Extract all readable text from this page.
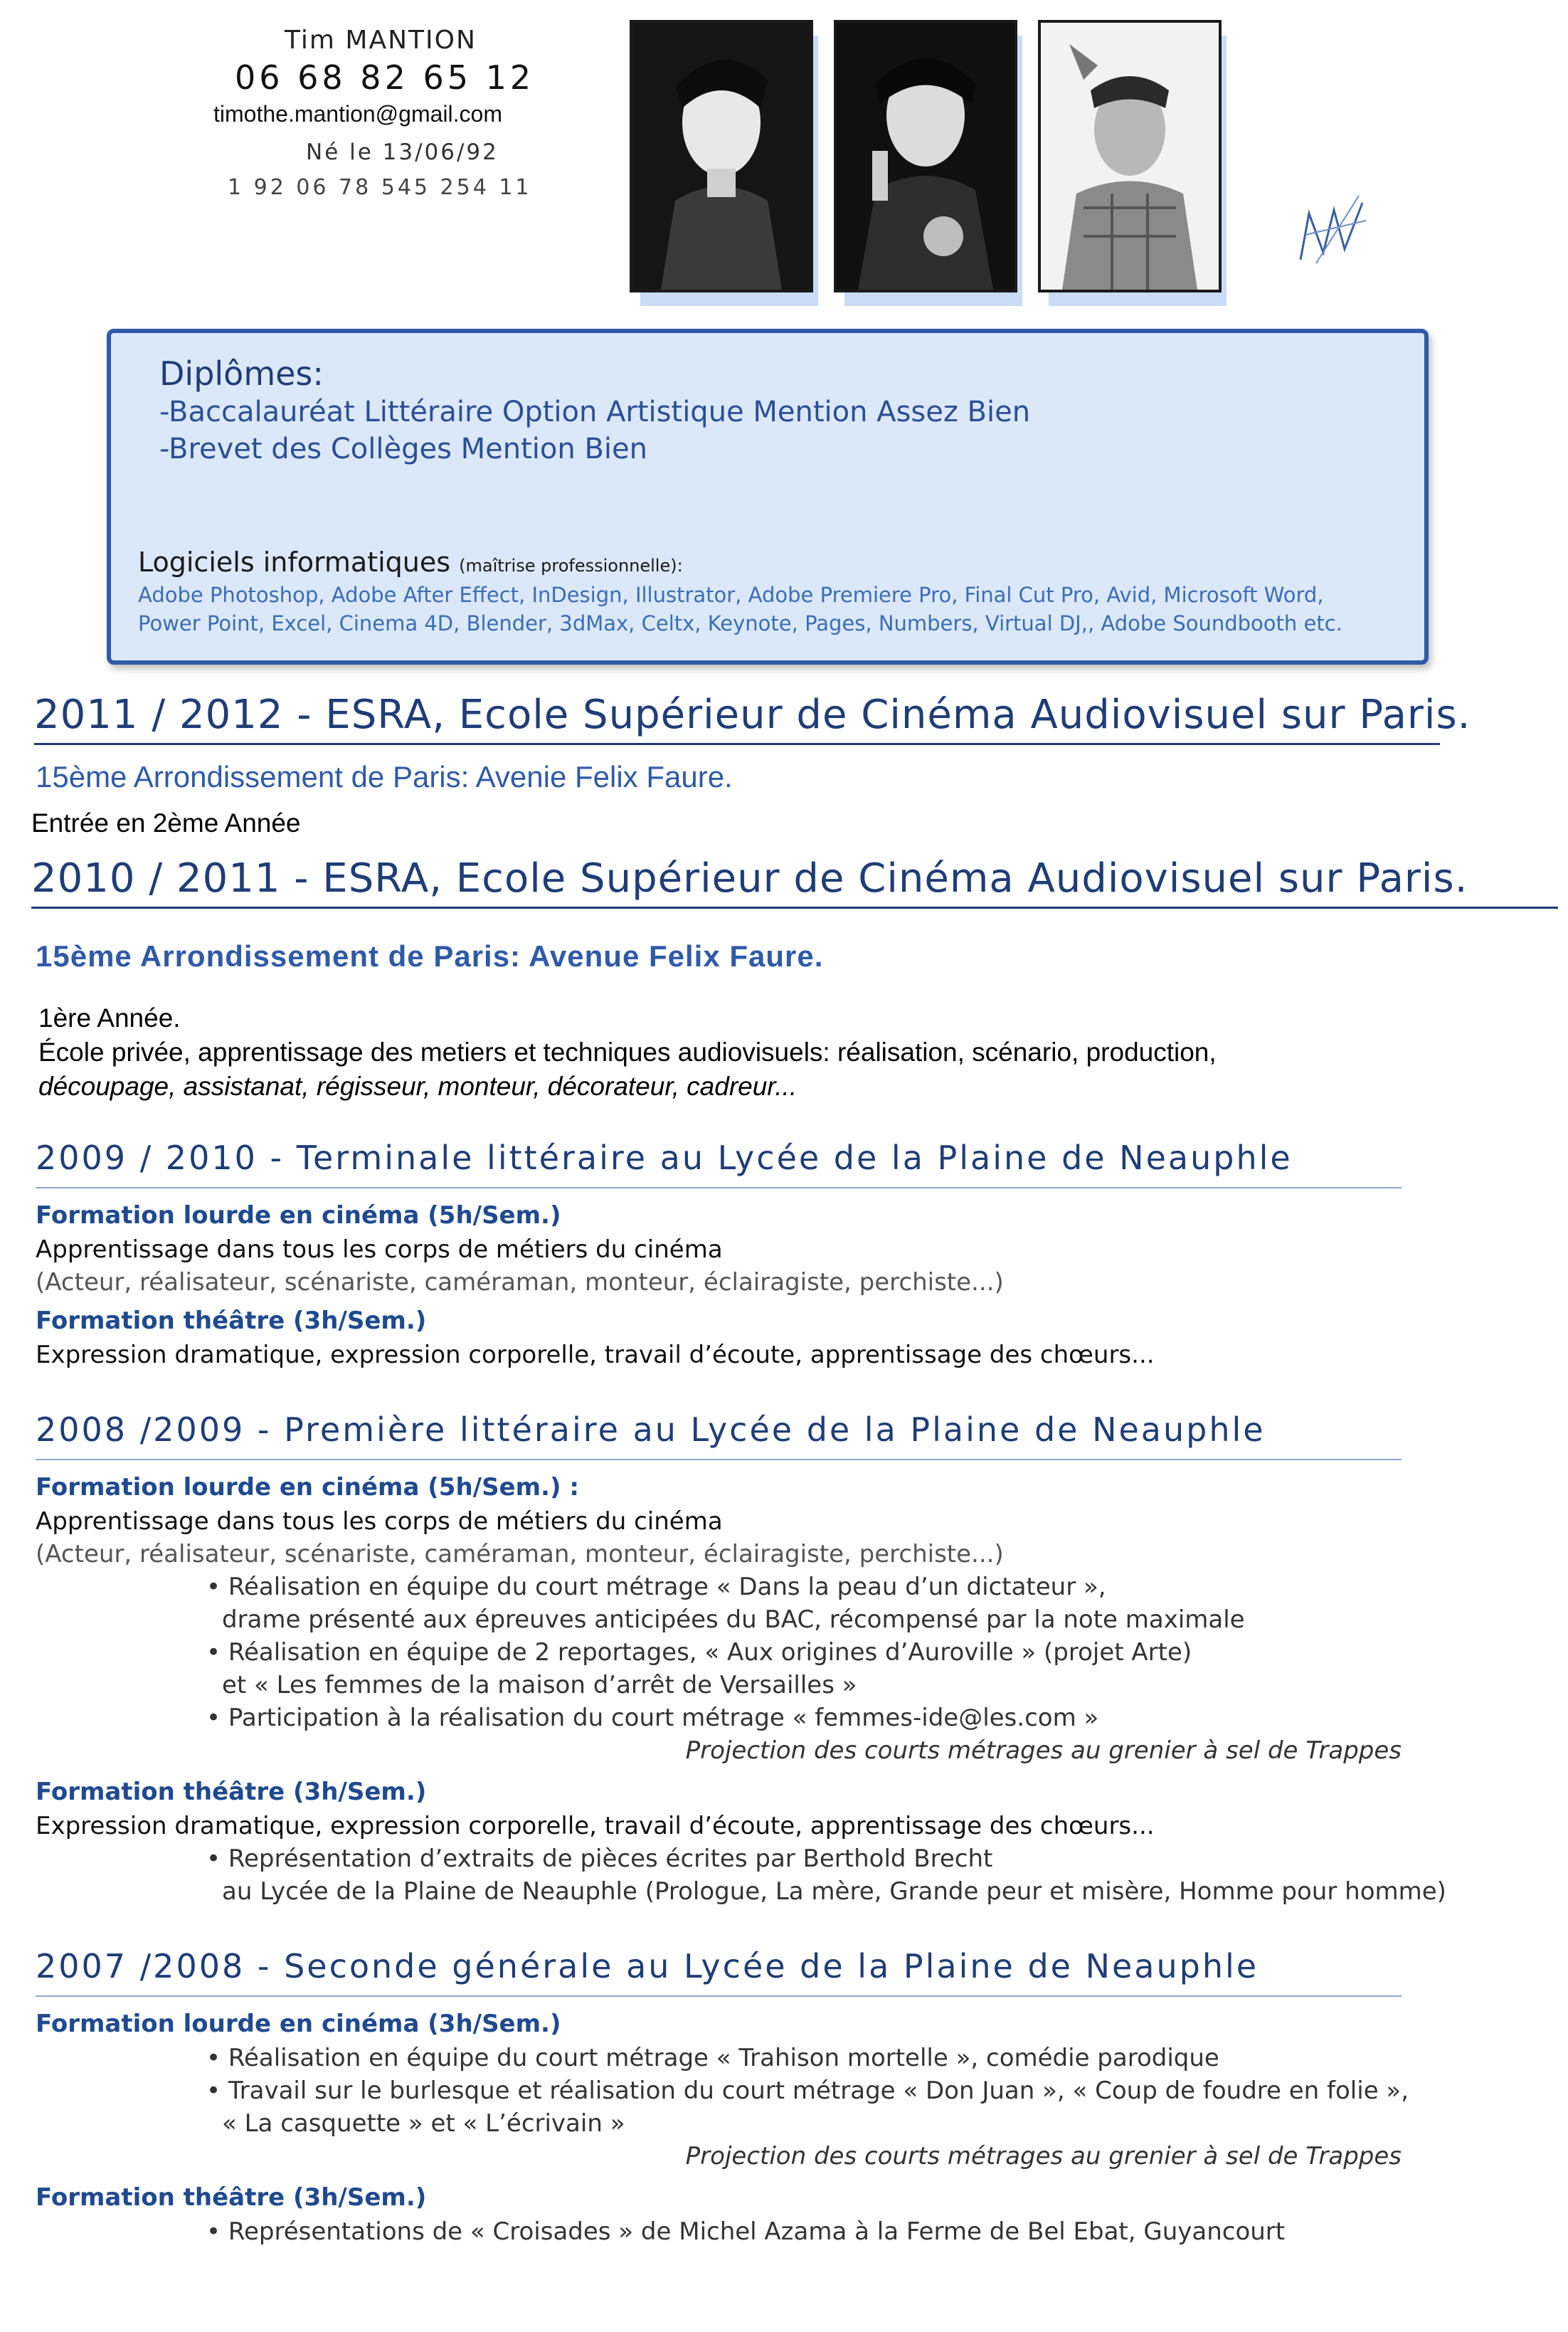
Tim MANTION
06 68 82 65 12
timothe.mantion@gmail.com
Né le 13/06/92
1 92 06 78 545 254 11
Diplômes:
-Baccalauréat Littéraire Option Artistique Mention Assez Bien
-Brevet des Collèges Mention Bien
Logiciels informatiques (maîtrise professionnelle):
Adobe Photoshop, Adobe After Effect, InDesign, Illustrator, Adobe Premiere Pro, Final Cut Pro, Avid, Microsoft Word,
Power Point, Excel, Cinema 4D, Blender, 3dMax, Celtx, Keynote, Pages, Numbers, Virtual DJ,, Adobe Soundbooth etc.
2011 / 2012 - ESRA, Ecole Supérieur de Cinéma Audiovisuel sur Paris.
15ème Arrondissement de Paris: Avenie Felix Faure.
Entrée en 2ème Année
2010 / 2011 - ESRA, Ecole Supérieur de Cinéma Audiovisuel sur Paris.
15ème Arrondissement de Paris: Avenue Felix Faure.
1ère Année.
École privée, apprentissage des metiers et techniques audiovisuels: réalisation, scénario, production,
découpage, assistanat, régisseur, monteur, décorateur, cadreur...
2009 / 2010 - Terminale littéraire au Lycée de la Plaine de Neauphle
Formation lourde en cinéma (5h/Sem.)
Apprentissage dans tous les corps de métiers du cinéma
(Acteur, réalisateur, scénariste, caméraman, monteur, éclairagiste, perchiste...)
Formation théâtre (3h/Sem.)
Expression dramatique, expression corporelle, travail d’écoute, apprentissage des chœurs...
2008 /2009 - Première littéraire au Lycée de la Plaine de Neauphle
Formation lourde en cinéma (5h/Sem.) :
Apprentissage dans tous les corps de métiers du cinéma
(Acteur, réalisateur, scénariste, caméraman, monteur, éclairagiste, perchiste...)
• Réalisation en équipe du court métrage « Dans la peau d’un dictateur »,
drame présenté aux épreuves anticipées du BAC, récompensé par la note maximale
• Réalisation en équipe de 2 reportages, « Aux origines d’Auroville » (projet Arte)
et « Les femmes de la maison d’arrêt de Versailles »
• Participation à la réalisation du court métrage « femmes-ide@les.com »
Projection des courts métrages au grenier à sel de Trappes
Formation théâtre (3h/Sem.)
Expression dramatique, expression corporelle, travail d’écoute, apprentissage des chœurs...
• Représentation d’extraits de pièces écrites par Berthold Brecht
au Lycée de la Plaine de Neauphle (Prologue, La mère, Grande peur et misère, Homme pour homme)
2007 /2008 - Seconde générale au Lycée de la Plaine de Neauphle
Formation lourde en cinéma (3h/Sem.)
• Réalisation en équipe du court métrage « Trahison mortelle », comédie parodique
• Travail sur le burlesque et réalisation du court métrage « Don Juan », « Coup de foudre en folie »,
« La casquette » et « L’écrivain »
Projection des courts métrages au grenier à sel de Trappes
Formation théâtre (3h/Sem.)
• Représentations de « Croisades » de Michel Azama à la Ferme de Bel Ebat, Guyancourt
